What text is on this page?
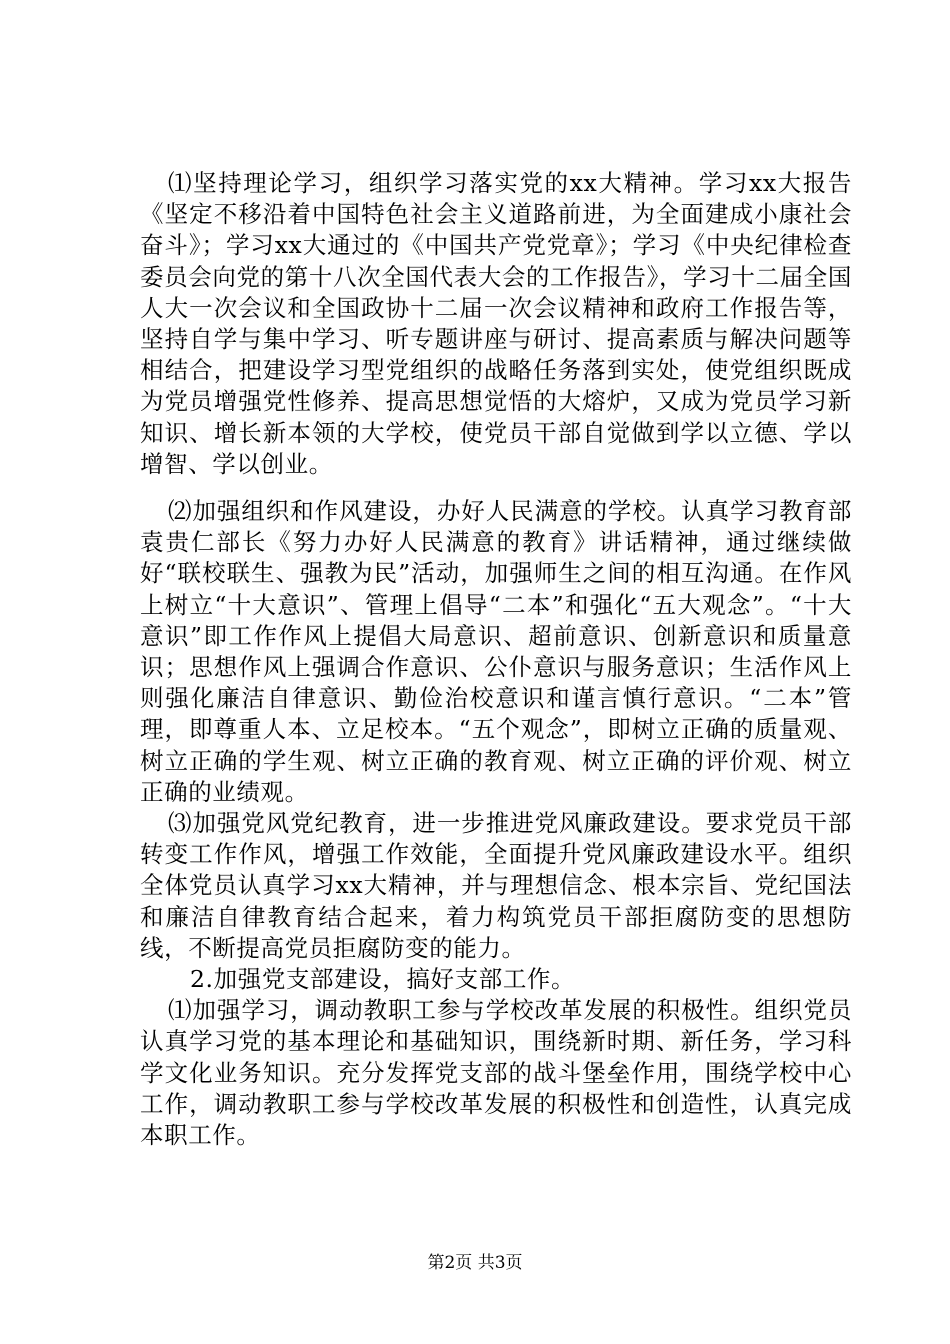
⑴坚持理论学习，组织学习落实党的xx大精神。学习xx大报告《坚定不移沿着中国特色社会主义道路前进，为全面建成小康社会奋斗》；学习xx大通过的《中国共产党党章》；学习《中央纪律检查委员会向党的第十八次全国代表大会的工作报告》，学习十二届全国人大一次会议和全国政协十二届一次会议精神和政府工作报告等，坚持自学与集中学习、听专题讲座与研讨、提高素质与解决问题等相结合，把建设学习型党组织的战略任务落到实处，使党组织既成为党员增强党性修养、提高思想觉悟的大熔炉，又成为党员学习新知识、增长新本领的大学校，使党员干部自觉做到学以立德、学以增智、学以创业。

⑵加强组织和作风建设，办好人民满意的学校。认真学习教育部袁贵仁部长《努力办好人民满意的教育》讲话精神，通过继续做好“联校联生、强教为民”活动，加强师生之间的相互沟通。在作风上树立“十大意识”、管理上倡导“二本”和强化“五大观念”。“十大意识”即工作作风上提倡大局意识、超前意识、创新意识和质量意识；思想作风上强调合作意识、公仆意识与服务意识；生活作风上则强化廉洁自律意识、勤俭治校意识和谨言慎行意识。“二本”管理，即尊重人本、立足校本。“五个观念”，即树立正确的质量观、树立正确的学生观、树立正确的教育观、树立正确的评价观、树立正确的业绩观。

⑶加强党风党纪教育，进一步推进党风廉政建设。要求党员干部转变工作作风，增强工作效能，全面提升党风廉政建设水平。组织全体党员认真学习xx大精神，并与理想信念、根本宗旨、党纪国法和廉洁自律教育结合起来，着力构筑党员干部拒腐防变的思想防线，不断提高党员拒腐防变的能力。

2.加强党支部建设，搞好支部工作。

⑴加强学习，调动教职工参与学校改革发展的积极性。组织党员认真学习党的基本理论和基础知识，围绕新时期、新任务，学习科学文化业务知识。充分发挥党支部的战斗堡垒作用，围绕学校中心工作，调动教职工参与学校改革发展的积极性和创造性，认真完成本职工作。

第2页 共3页
